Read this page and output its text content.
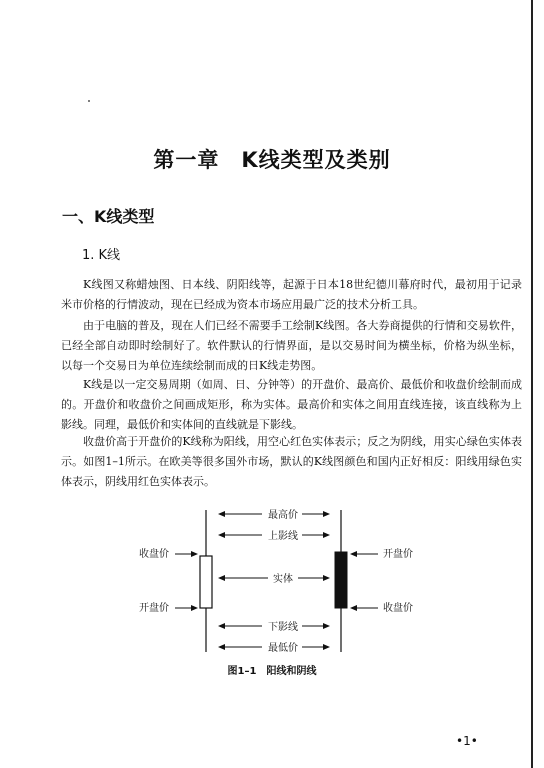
第一章　K线类型及类别
一、K线类型
1. K线

K线图又称蜡烛图、日本线、阴阳线等，起源于日本18世纪德川幕府时代，最初用于记录米市价格的行情波动，现在已经成为资本市场应用最广泛的技术分析工具。

由于电脑的普及，现在人们已经不需要手工绘制K线图。各大券商提供的行情和交易软件，已经全部自动即时绘制好了。软件默认的行情界面，是以交易时间为横坐标，价格为纵坐标，以每一个交易日为单位连续绘制而成的日K线走势图。

K线是以一定交易周期（如周、日、分钟等）的开盘价、最高价、最低价和收盘价绘制而成的。开盘价和收盘价之间画成矩形，称为实体。最高价和实体之间用直线连接，该直线称为上影线。同理，最低价和实体间的直线就是下影线。

收盘价高于开盘价的K线称为阳线，用空心红色实体表示；反之为阴线，用实心绿色实体表示。如图1–1所示。在欧美等很多国外市场，默认的K线图颜色和国内正好相反：阳线用绿色实体表示，阴线用红色实体表示。

最高价
上影线
实体
下影线
最低价
收盘价
开盘价
开盘价
收盘价
图1–1　阳线和阴线
•1•
